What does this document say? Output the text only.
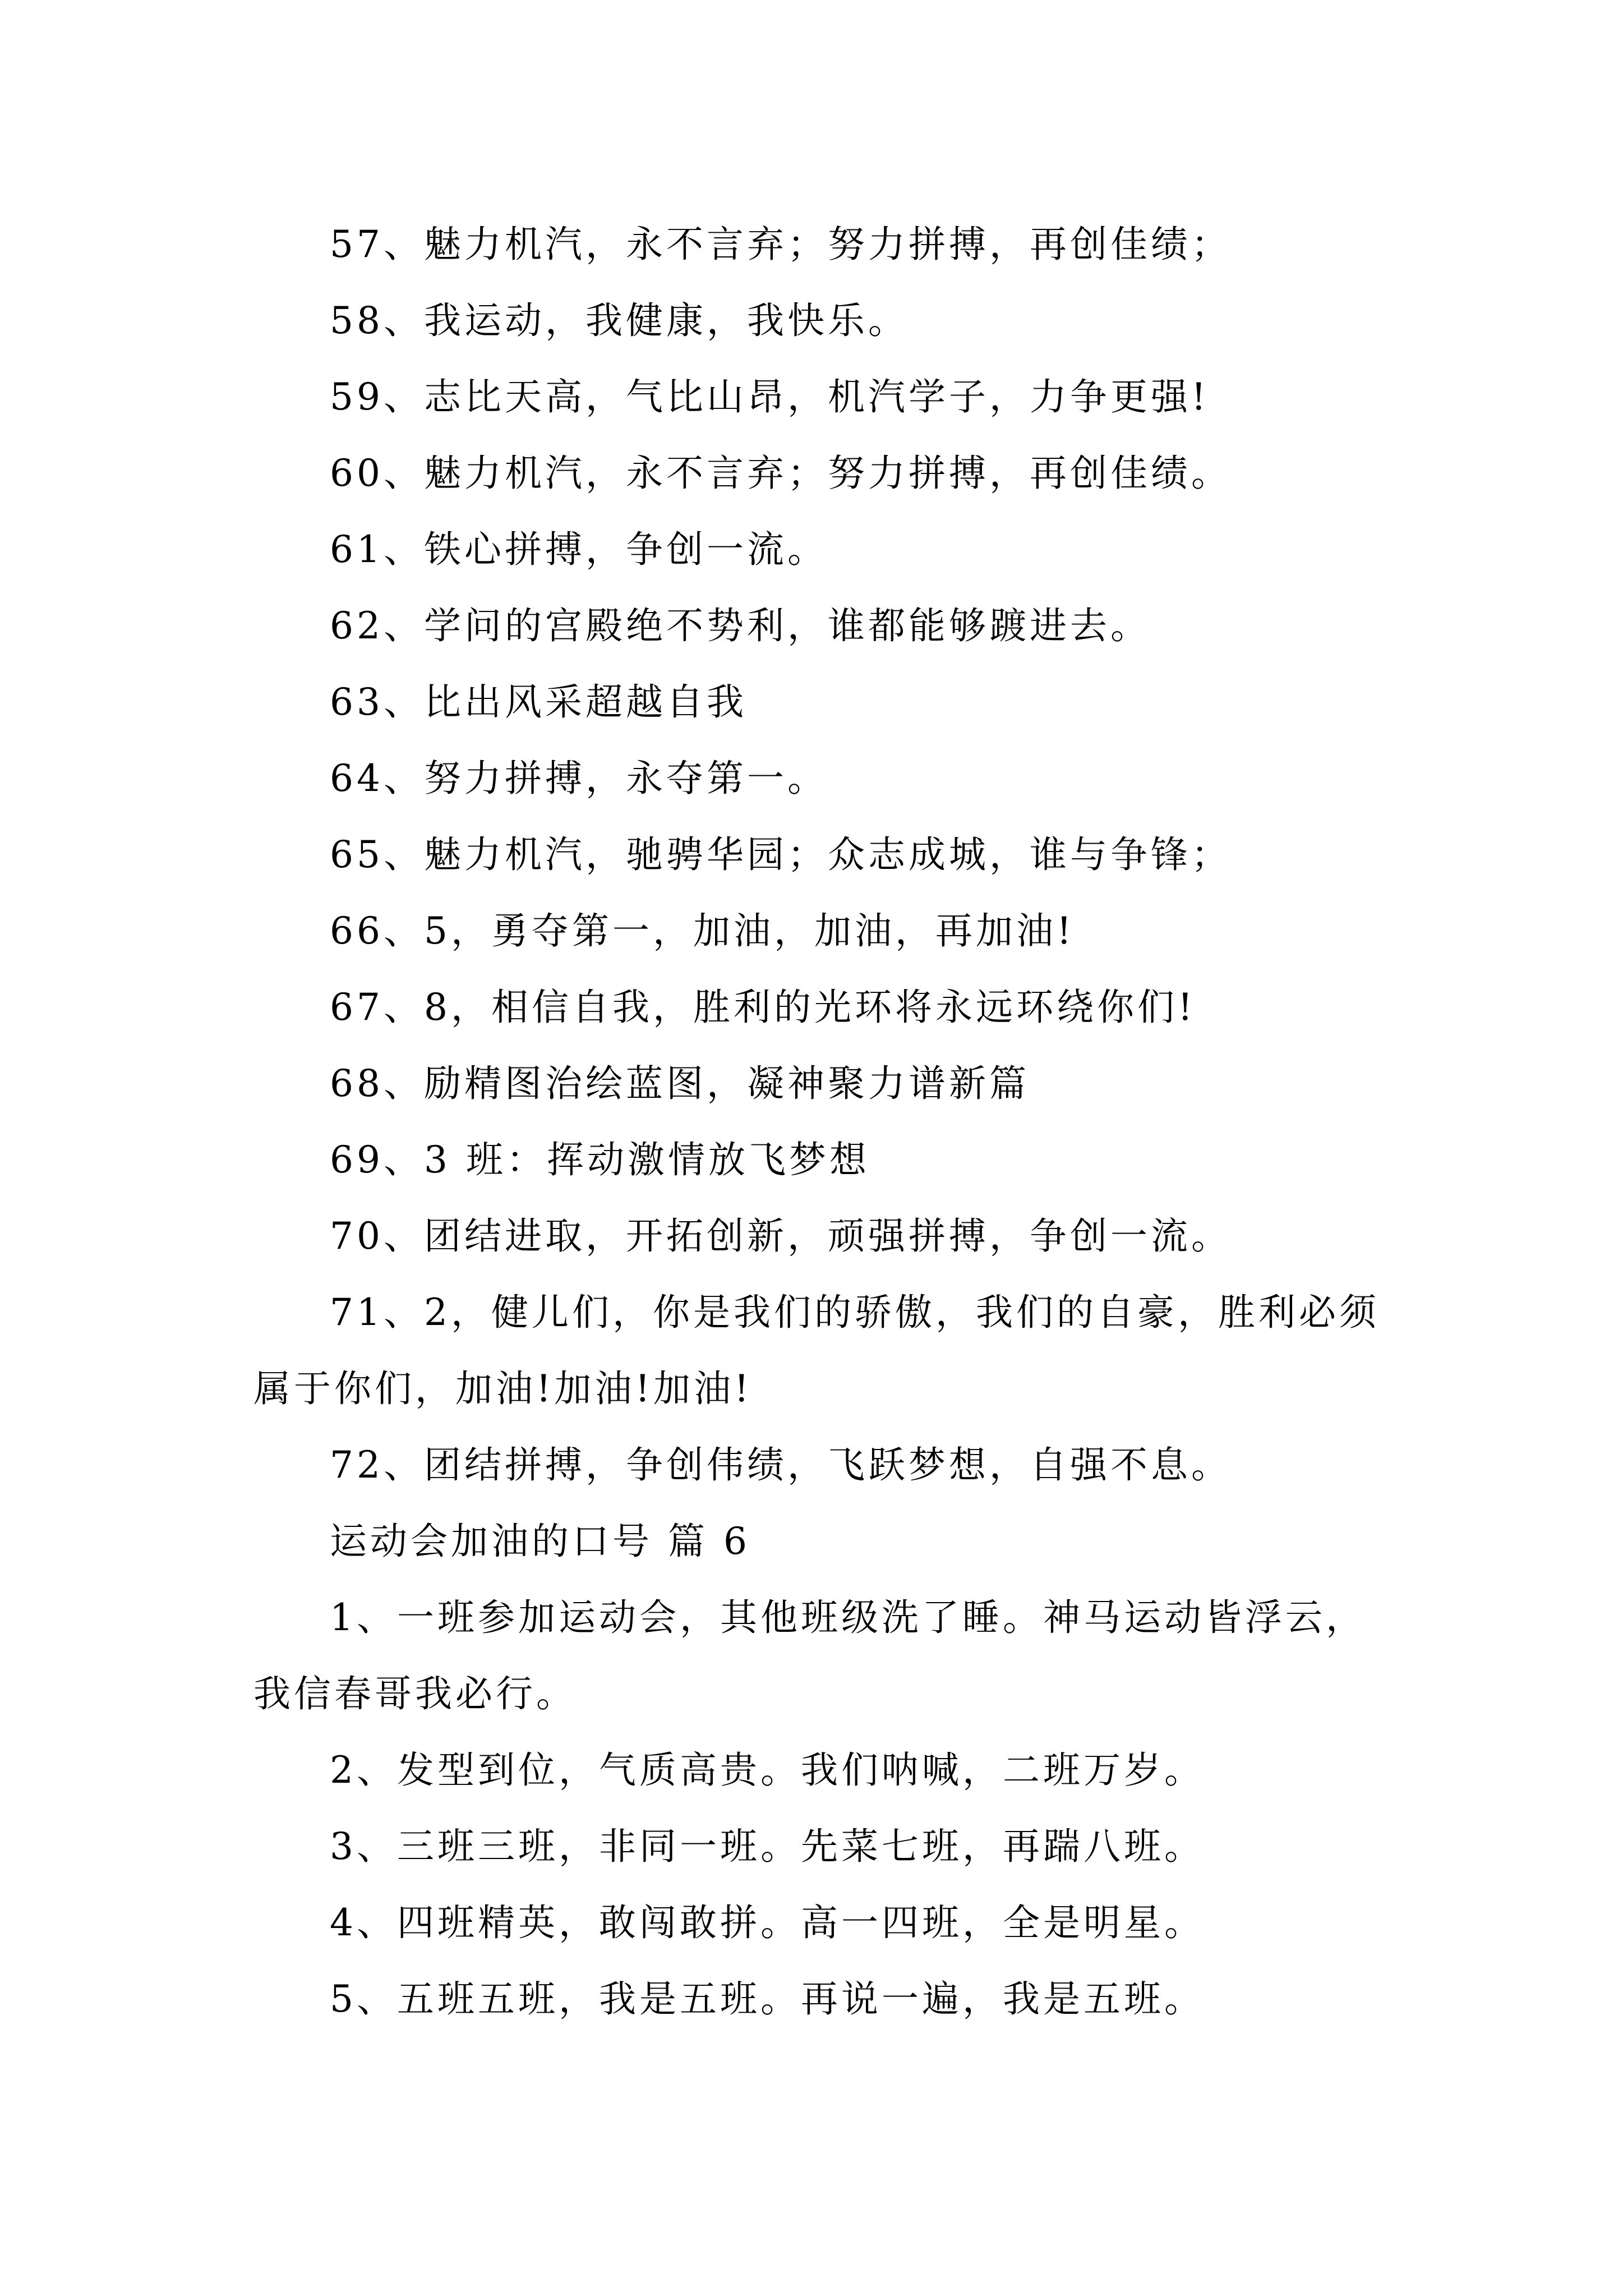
57、魅力机汽，永不言弃；努力拼搏，再创佳绩；

58、我运动，我健康，我快乐。

59、志比天高，气比山昂，机汽学子，力争更强!

60、魅力机汽，永不言弃；努力拼搏，再创佳绩。

61、铁心拼搏，争创一流。

62、学问的宫殿绝不势利，谁都能够踱进去。

63、比出风采超越自我

64、努力拼搏，永夺第一。

65、魅力机汽，驰骋华园；众志成城，谁与争锋；

66、5，勇夺第一，加油，加油，再加油!

67、8，相信自我，胜利的光环将永远环绕你们!

68、励精图治绘蓝图，凝神聚力谱新篇

69、3 班：挥动激情放飞梦想

70、团结进取，开拓创新，顽强拼搏，争创一流。

71、2，健儿们，你是我们的骄傲，我们的自豪，胜利必须属于你们，加油!加油!加油!

72、团结拼搏，争创伟绩，飞跃梦想，自强不息。

运动会加油的口号 篇 6

1、一班参加运动会，其他班级洗了睡。神马运动皆浮云，我信春哥我必行。

2、发型到位，气质高贵。我们呐喊，二班万岁。

3、三班三班，非同一班。先菜七班，再踹八班。

4、四班精英，敢闯敢拼。高一四班，全是明星。

5、五班五班，我是五班。再说一遍，我是五班。
